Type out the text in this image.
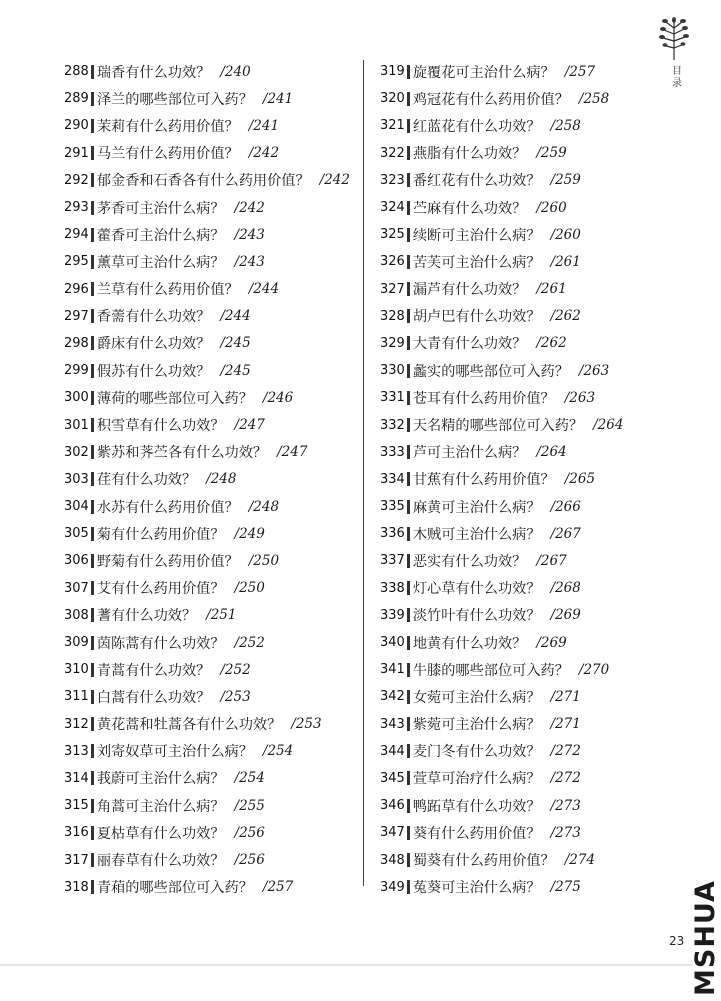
目录
288 瑞香有什么功效？ /240
289 泽兰的哪些部位可入药？ /241
290 茉莉有什么药用价值？ /241
291 马兰有什么药用价值？ /242
292 郁金香和石香各有什么药用价值？ /242
293 茅香可主治什么病？ /242
294 藿香可主治什么病？ /243
295 薰草可主治什么病？ /243
296 兰草有什么药用价值？ /244
297 香薷有什么功效？ /244
298 爵床有什么功效？ /245
299 假苏有什么功效？ /245
300 薄荷的哪些部位可入药？ /246
301 积雪草有什么功效？ /247
302 紫苏和荠苎各有什么功效？ /247
303 荏有什么功效？ /248
304 水苏有什么药用价值？ /248
305 菊有什么药用价值？ /249
306 野菊有什么药用价值？ /250
307 艾有什么药用价值？ /250
308 蓍有什么功效？ /251
309 茵陈蒿有什么功效？ /252
310 青蒿有什么功效？ /252
311 白蒿有什么功效？ /253
312 黄花蒿和牡蒿各有什么功效？ /253
313 刘寄奴草可主治什么病？ /254
314 莪蔚可主治什么病？ /254
315 角蒿可主治什么病？ /255
316 夏枯草有什么功效？ /256
317 丽春草有什么功效？ /256
318 青葙的哪些部位可入药？ /257
319 旋覆花可主治什么病？ /257
320 鸡冠花有什么药用价值？ /258
321 红蓝花有什么功效？ /258
322 燕脂有什么功效？ /259
323 番红花有什么功效？ /259
324 苎麻有什么功效？ /260
325 续断可主治什么病？ /260
326 苦芙可主治什么病？ /261
327 漏芦有什么功效？ /261
328 胡卢巴有什么功效？ /262
329 大青有什么功效？ /262
330 蠡实的哪些部位可入药？ /263
331 苍耳有什么药用价值？ /263
332 天名精的哪些部位可入药？ /264
333 芦可主治什么病？ /264
334 甘蕉有什么药用价值？ /265
335 麻黄可主治什么病？ /266
336 木贼可主治什么病？ /267
337 恶实有什么功效？ /267
338 灯心草有什么功效？ /268
339 淡竹叶有什么功效？ /269
340 地黄有什么功效？ /269
341 牛膝的哪些部位可入药？ /270
342 女菀可主治什么病？ /271
343 紫菀可主治什么病？ /271
344 麦门冬有什么功效？ /272
345 萱草可治疗什么病？ /272
346 鸭跖草有什么功效？ /273
347 葵有什么药用价值？ /273
348 蜀葵有什么药用价值？ /274
349 菟葵可主治什么病？ /275
23 MSHUA
